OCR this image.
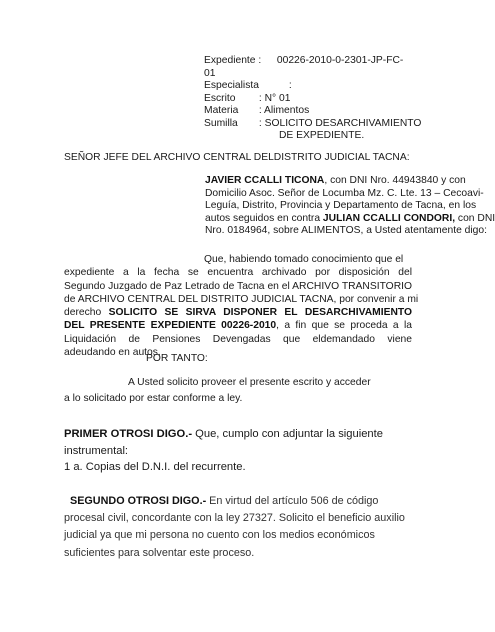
Expediente : 00226-2010-0-2301-JP-FC-
01
Especialista	:
Escrito : N° 01
Materia : Alimentos
Sumilla : SOLICITO DESARCHIVAMIENTO
DE EXPEDIENTE.
SEÑOR JEFE DEL ARCHIVO CENTRAL DELDISTRITO JUDICIAL TACNA:
JAVIER CCALLI TICONA, con DNI Nro. 44943840 y con
Domicilio Asoc. Señor de Locumba Mz. C. Lte. 13 – Cecoavi-
Leguía, Distrito, Provincia y Departamento de Tacna, en los
autos seguidos en contra JULIAN CCALLI CONDORI, con DNI
Nro. 0184964, sobre ALIMENTOS, a Usted atentamente digo:
Que, habiendo tomado conocimiento que el
expediente a la fecha se encuentra archivado por disposición del
Segundo Juzgado de Paz Letrado de Tacna en el ARCHIVO TRANSITORIO
de ARCHIVO CENTRAL DEL DISTRITO JUDICIAL TACNA, por convenir a mi
derecho SOLICITO SE SIRVA DISPONER EL DESARCHIVAMIENTO
DEL PRESENTE EXPEDIENTE 00226-2010, a fin que se proceda a la
Liquidación de Pensiones Devengadas que eldemandado viene
adeudando en autos.
POR TANTO:
A Usted solicito proveer el presente escrito y acceder
a lo solicitado por estar conforme a ley.
PRIMER OTROSI DIGO.- Que, cumplo con adjuntar la siguiente
instrumental:
1 a. Copias del D.N.I. del recurrente.
SEGUNDO OTROSI DIGO.- En virtud del artículo 506 de código
procesal civil, concordante con la ley 27327. Solicito el beneficio auxilio
judicial ya que mi persona no cuento con los medios económicos
suficientes para solventar este proceso.
